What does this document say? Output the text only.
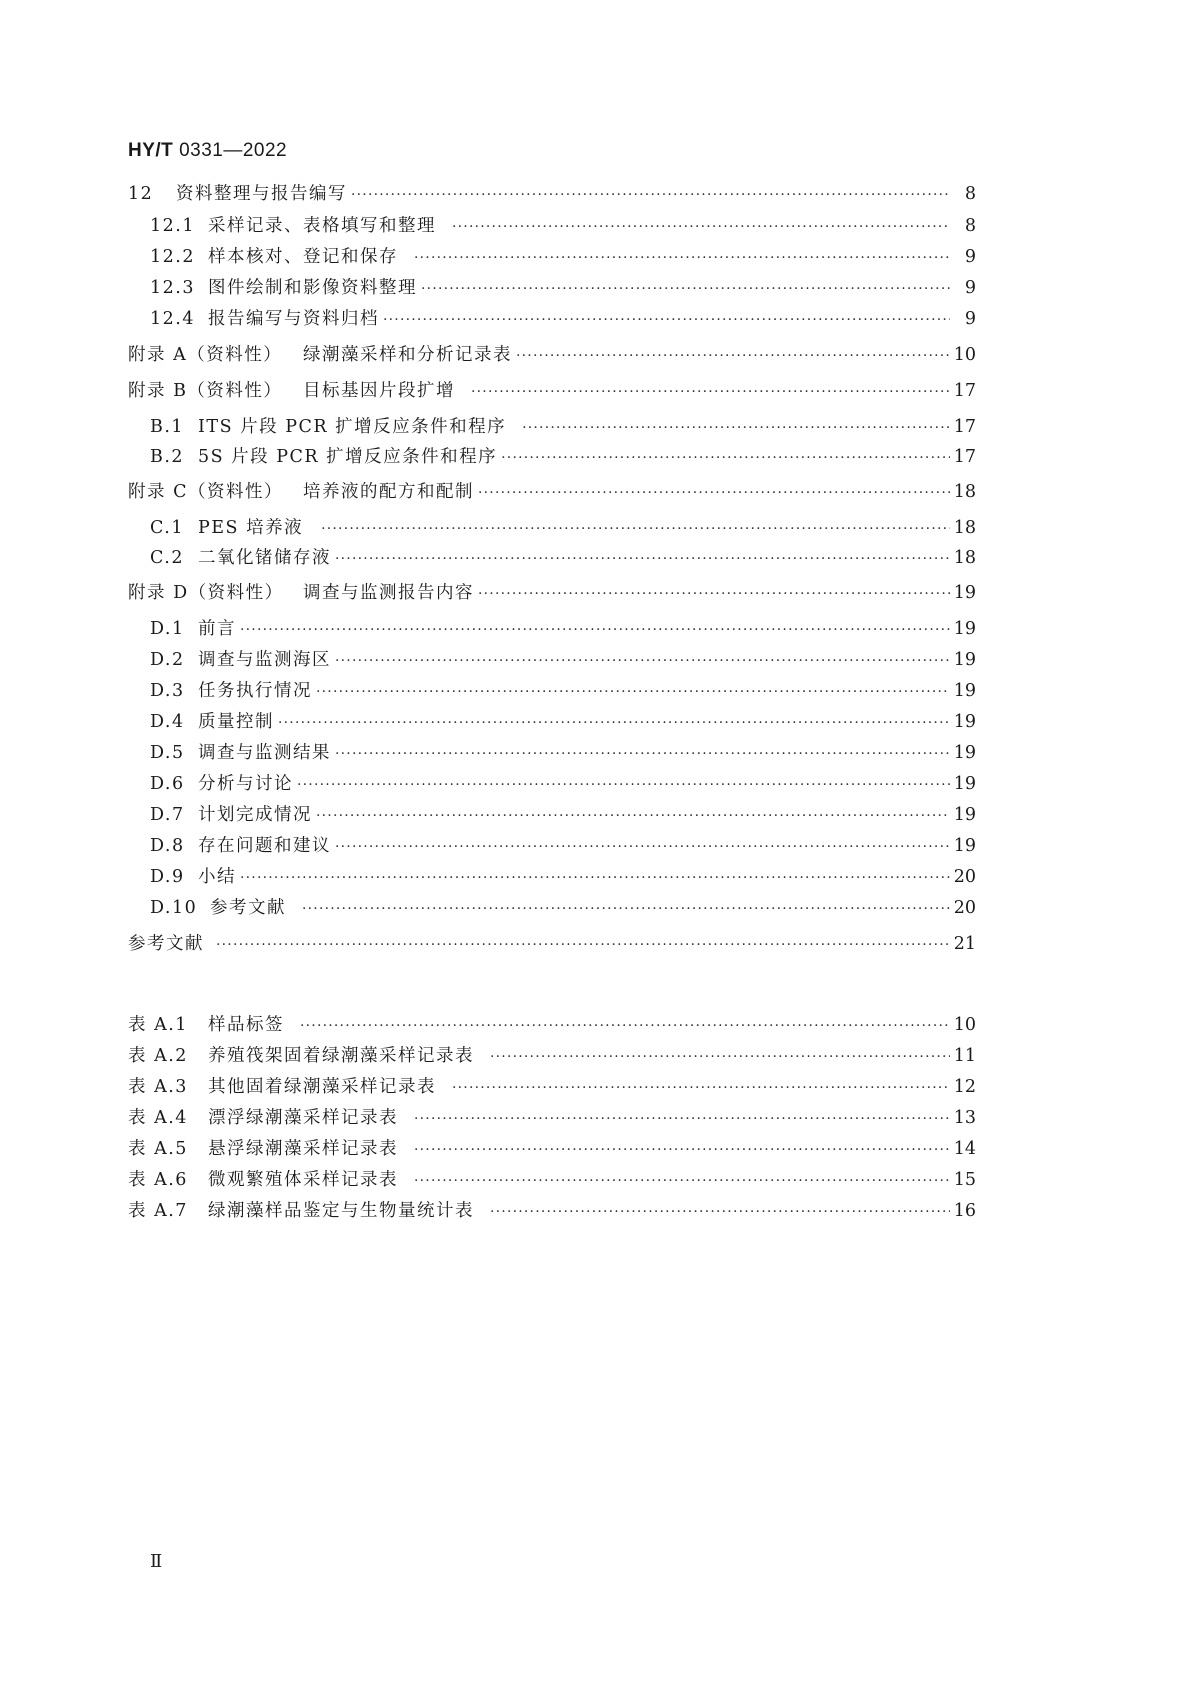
HY/T 0331—2022
12	资料整理与报告编写 ·····	8
12.1 采样记录、表格填写和整理 ·····	8
12.2 样本核对、登记和保存 ·····	9
12.3 图件绘制和影像资料整理 ·····	9
12.4 报告编写与资料归档 ·····	9
附录 A（资料性）	绿潮藻采样和分析记录表 ·····	10
附录 B（资料性）	目标基因片段扩增 ·····	17
B.1 ITS 片段 PCR 扩增反应条件和程序 ·····	17
B.2 5S 片段 PCR 扩增反应条件和程序 ·····	17
附录 C（资料性）	培养液的配方和配制 ·····	18
C.1 PES 培养液 ·····	18
C.2 二氧化锗储存液 ·····	18
附录 D（资料性）	调查与监测报告内容 ·····	19
D.1 前言 ·····	19
D.2 调查与监测海区 ·····	19
D.3 任务执行情况 ·····	19
D.4 质量控制 ·····	19
D.5 调查与监测结果 ·····	19
D.6 分析与讨论 ·····	19
D.7 计划完成情况 ·····	19
D.8 存在问题和建议 ·····	19
D.9 小结 ·····	20
D.10 参考文献 ·····	20
参考文献 ·····	21
表 A.1	样品标签 ·····	10
表 A.2	养殖筏架固着绿潮藻采样记录表 ·····	11
表 A.3	其他固着绿潮藻采样记录表 ·····	12
表 A.4	漂浮绿潮藻采样记录表 ·····	13
表 A.5	悬浮绿潮藻采样记录表 ·····	14
表 A.6	微观繁殖体采样记录表 ·····	15
表 A.7	绿潮藻样品鉴定与生物量统计表 ·····	16
Ⅱ
